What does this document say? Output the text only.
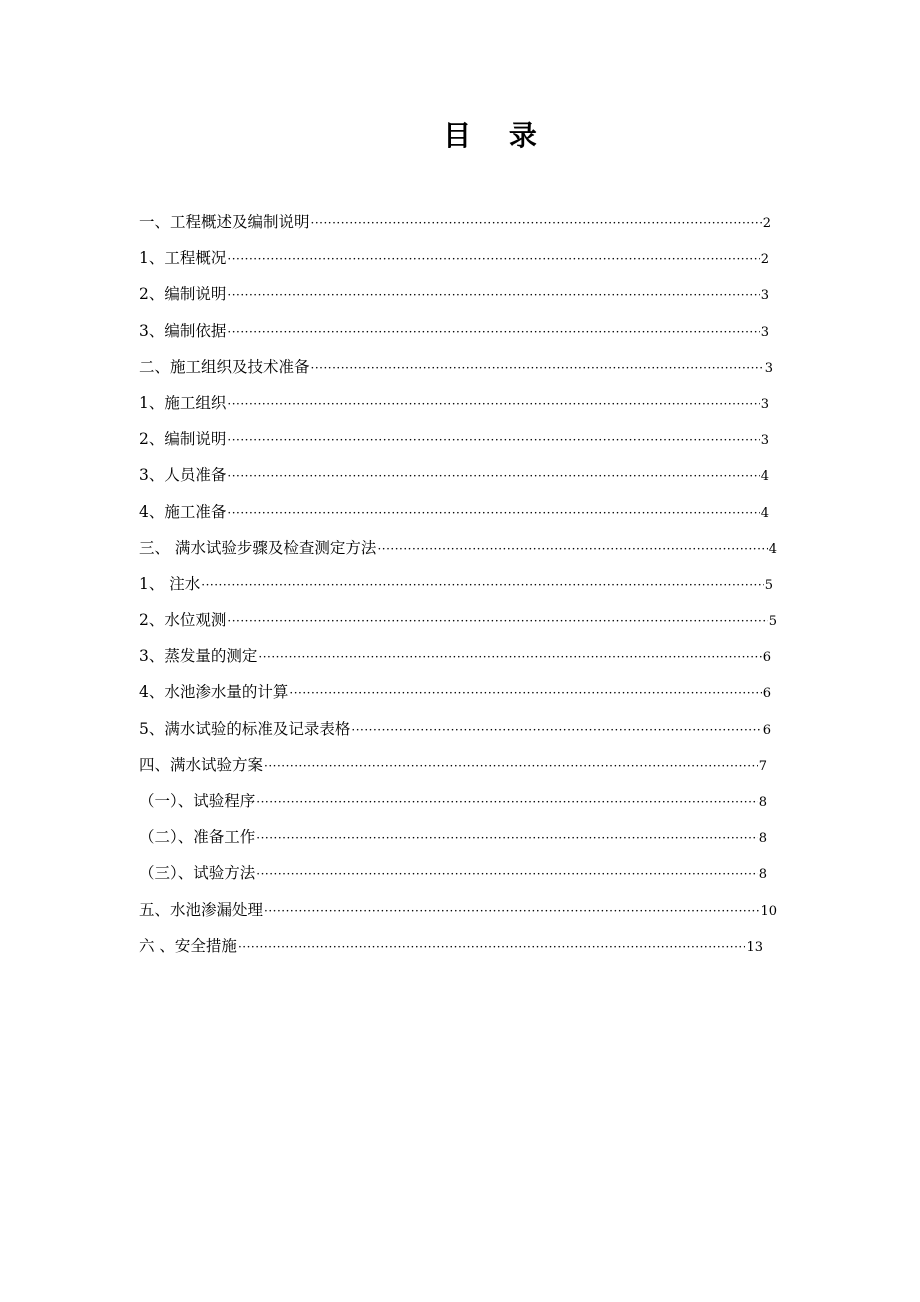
目 录
一、工程概述及编制说明 ·····	2
1、工程概况 ·····	2
2、编制说明 ·····	3
3、编制依据 ·····	3
二、施工组织及技术准备 ·····	3
1、施工组织 ·····	3
2、编制说明 ·····	3
3、人员准备 ·····	4
4、施工准备 ·····	4
三、 满水试验步骤及检查测定方法 ·····	4
1、 注水 ·····	5
2、水位观测 ·····	5
3、蒸发量的测定 ·····	6
4、水池渗水量的计算 ·····	6
5、满水试验的标准及记录表格 ·····	6
四、满水试验方案 ·····	7
（一）、试验程序 ·····	8
（二）、准备工作 ·····	8
（三）、试验方法 ·····	8
五、水池渗漏处理 ·····	10
六 、安全措施 ·····	13
